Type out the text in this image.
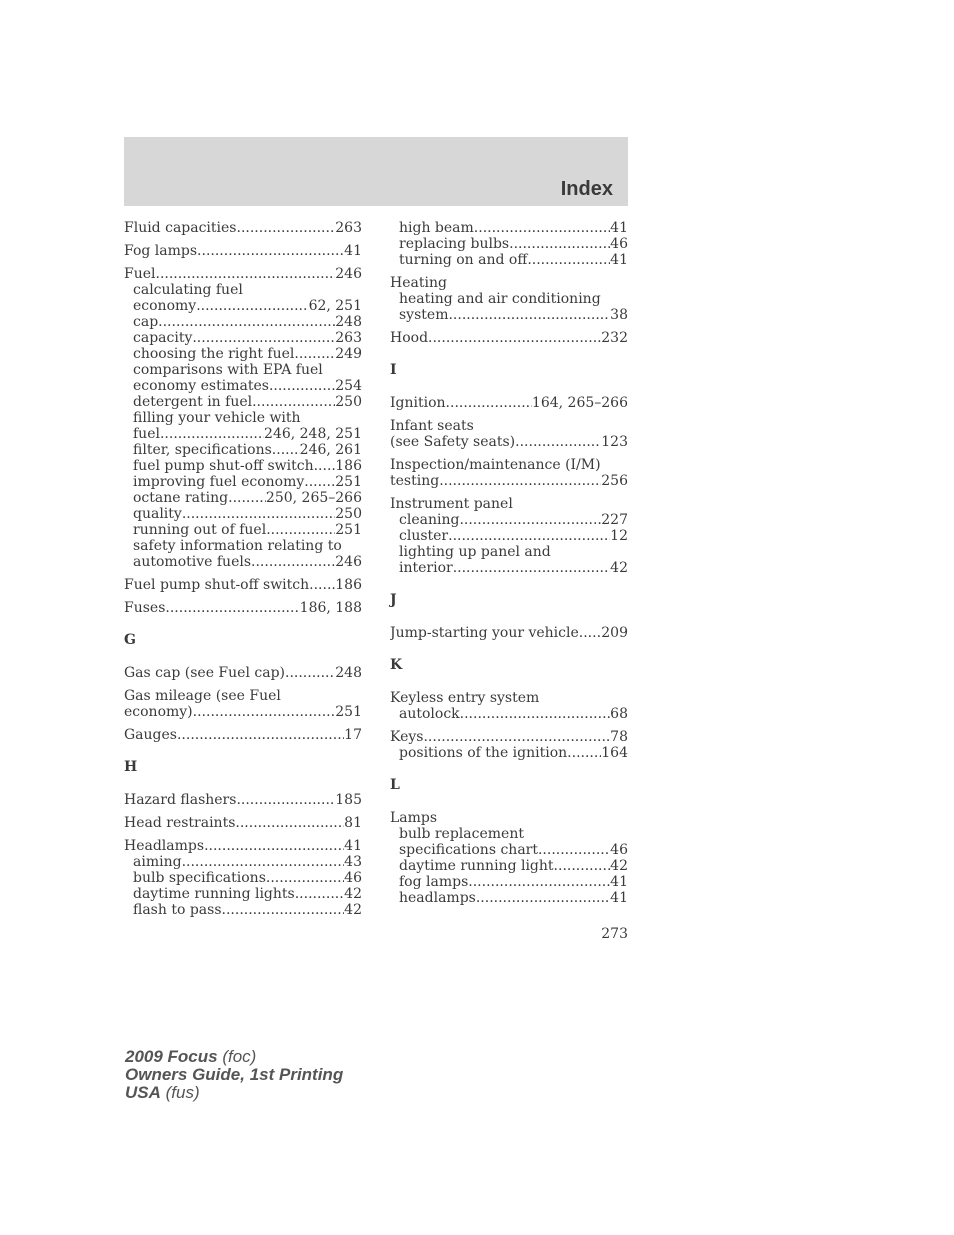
Index
Fluid capacities .....	263
Fog lamps .....	41
Fuel .....	246
calculating fuel
economy .....	62, 251
cap .....	248
capacity .....	263
choosing the right fuel .....	249
comparisons with EPA fuel
economy estimates .....	254
detergent in fuel .....	250
filling your vehicle with
fuel .....	246, 248, 251
filter, specifications ..... 246, 261
fuel pump shut-off switch ..... 186
improving fuel economy ..... 251
octane rating .....	250, 265–266
quality .....	250
running out of fuel .....	251
safety information relating to
automotive fuels .....	246
Fuel pump shut-off switch ..... 186
Fuses .....	186, 188
G
Gas cap (see Fuel cap) .....	248
Gas mileage (see Fuel
economy) .....	251
Gauges .....	17
H
Hazard flashers .....	185
Head restraints .....	81
Headlamps .....	41
aiming .....	43
bulb specifications .....	46
daytime running lights .....	42
flash to pass .....	42
high beam .....	41
replacing bulbs .....	46
turning on and off .....	41
Heating
heating and air conditioning
system .....	38
Hood .....	232
I
Ignition .....	164, 265–266
Infant seats
(see Safety seats) .....	123
Inspection/maintenance (I/M)
testing .....	256
Instrument panel
cleaning .....	227
cluster .....	12
lighting up panel and
interior .....	42
J
Jump-starting your vehicle ..... 209
K
Keyless entry system
autolock .....	68
Keys .....	78
positions of the ignition ..... 164
L
Lamps
bulb replacement
specifications chart .....	46
daytime running light .....	42
fog lamps .....	41
headlamps .....	41
273
2009 Focus (foc)
Owners Guide, 1st Printing
USA (fus)
